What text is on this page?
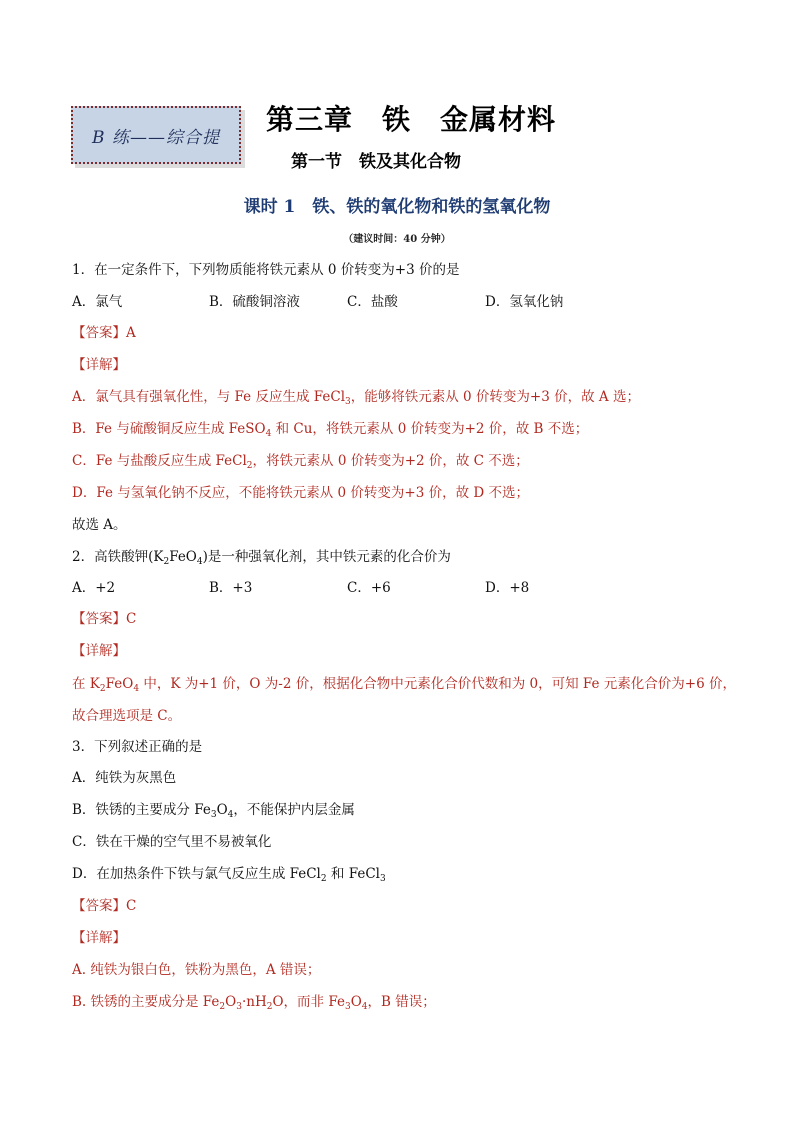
B 练——综合提
第三章　铁　金属材料
第一节　铁及其化合物
课时 1　铁、铁的氧化物和铁的氢氧化物
（建议时间：40 分钟）
1．在一定条件下，下列物质能将铁元素从 0 价转变为+3 价的是
A．氯气	B．硫酸铜溶液	C．盐酸	D．氢氧化钠
【答案】A
【详解】
A．氯气具有强氧化性，与 Fe 反应生成 FeCl$_3$，能够将铁元素从 0 价转变为+3 价，故 A 选；
B．Fe 与硫酸铜反应生成 FeSO$_4$ 和 Cu，将铁元素从 0 价转变为+2 价，故 B 不选；
C．Fe 与盐酸反应生成 FeCl$_2$，将铁元素从 0 价转变为+2 价，故 C 不选；
D．Fe 与氢氧化钠不反应，不能将铁元素从 0 价转变为+3 价，故 D 不选；
故选 A。
2．高铁酸钾$(K_2FeO_4)$是一种强氧化剂，其中铁元素的化合价为
A．+2	B．+3	C．+6	D．+8
【答案】C
【详解】
在 $K_2FeO_4$ 中，K 为+1 价，O 为-2 价，根据化合物中元素化合价代数和为 0，可知 Fe 元素化合价为+6 价，
故合理选项是 C。
3．下列叙述正确的是
A．纯铁为灰黑色
B．铁锈的主要成分 $Fe_3O_4$，不能保护内层金属
C．铁在干燥的空气里不易被氧化
D．在加热条件下铁与氯气反应生成 FeCl$_2$ 和 FeCl$_3$
【答案】C
【详解】
A. 纯铁为银白色，铁粉为黑色，A 错误；
B. 铁锈的主要成分是 $Fe_2O_3\cdot nH_2O$，而非 $Fe_3O_4$，B 错误；
